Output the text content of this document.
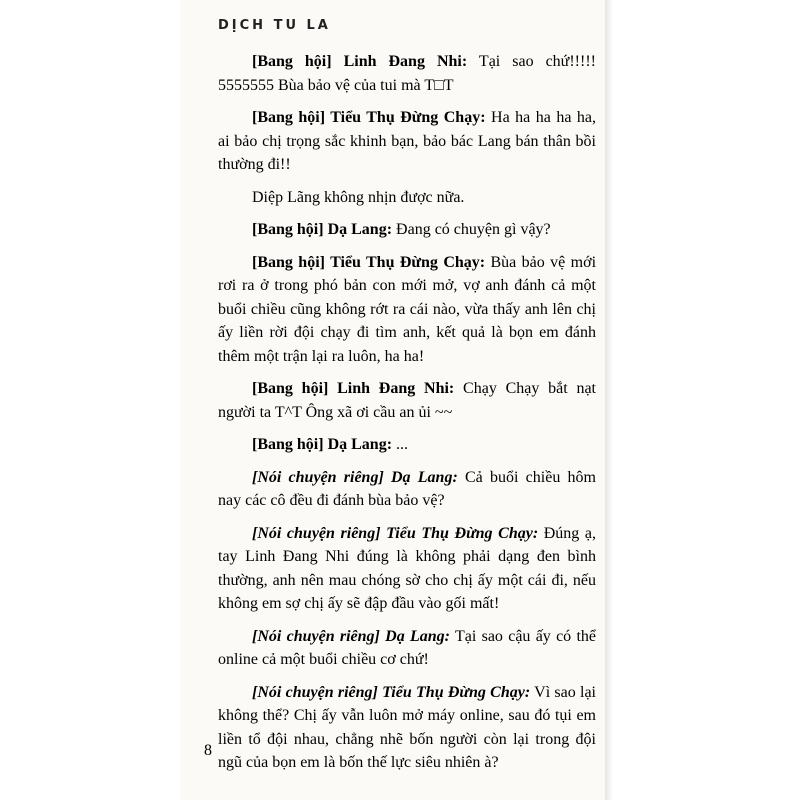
DỊCH TU LA

[Bang hội] Linh Đang Nhi: Tại sao chứ!!!!! 5555555 Bùa bảo vệ của tui mà T□T

[Bang hội] Tiểu Thụ Đừng Chạy: Ha ha ha ha ha, ai bảo chị trọng sắc khinh bạn, bảo bác Lang bán thân bồi thường đi!!

Diệp Lãng không nhịn được nữa.

[Bang hội] Dạ Lang: Đang có chuyện gì vậy?

[Bang hội] Tiểu Thụ Đừng Chạy: Bùa bảo vệ mới rơi ra ở trong phó bản con mới mở, vợ anh đánh cả một buổi chiều cũng không rớt ra cái nào, vừa thấy anh lên chị ấy liền rời đội chạy đi tìm anh, kết quả là bọn em đánh thêm một trận lại ra luôn, ha ha!

[Bang hội] Linh Đang Nhi: Chạy Chạy bắt nạt người ta T^T Ông xã ơi cầu an ủi ~~

[Bang hội] Dạ Lang: ...

[Nói chuyện riêng] Dạ Lang: Cả buổi chiều hôm nay các cô đều đi đánh bùa bảo vệ?

[Nói chuyện riêng] Tiểu Thụ Đừng Chạy: Đúng ạ, tay Linh Đang Nhi đúng là không phải dạng đen bình thường, anh nên mau chóng sờ cho chị ấy một cái đi, nếu không em sợ chị ấy sẽ đập đầu vào gối mất!

[Nói chuyện riêng] Dạ Lang: Tại sao cậu ấy có thể online cả một buổi chiều cơ chứ!

[Nói chuyện riêng] Tiểu Thụ Đừng Chạy: Vì sao lại không thể? Chị ấy vẫn luôn mở máy online, sau đó tụi em liền tổ đội nhau, chẳng nhẽ bốn người còn lại trong đội ngũ của bọn em là bốn thế lực siêu nhiên à?

8
